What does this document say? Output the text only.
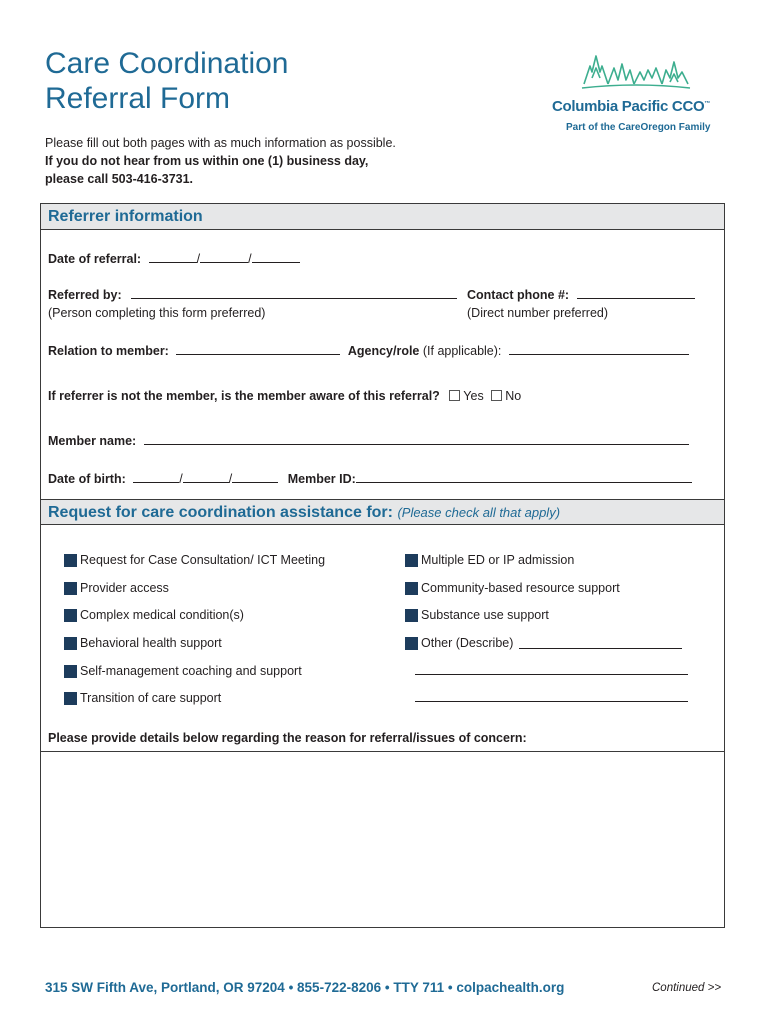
Care Coordination
Referral Form
Please fill out both pages with as much information as possible.
If you do not hear from us within one (1) business day,
please call 503-416-3731.
Columbia Pacific CCO™
Part of the CareOregon Family
Referrer information
Date of referral:	/	/
Referred by:
(Person completing this form preferred)
Contact phone #:
(Direct number preferred)
Relation to member:	Agency/role (If applicable):
If referrer is not the member, is the member aware of this referral? Yes No
Member name:
Date of birth:	/	/	Member ID:
Request for care coordination assistance for: (Please check all that apply)
Request for Case Consultation/ ICT Meeting
Provider access
Complex medical condition(s)
Behavioral health support
Self-management coaching and support
Transition of care support
Multiple ED or IP admission
Community-based resource support
Substance use support
Other (Describe)
Please provide details below regarding the reason for referral/issues of concern:
315 SW Fifth Ave, Portland, OR 97204 • 855-722-8206 • TTY 711 • colpachealth.org	Continued >>
